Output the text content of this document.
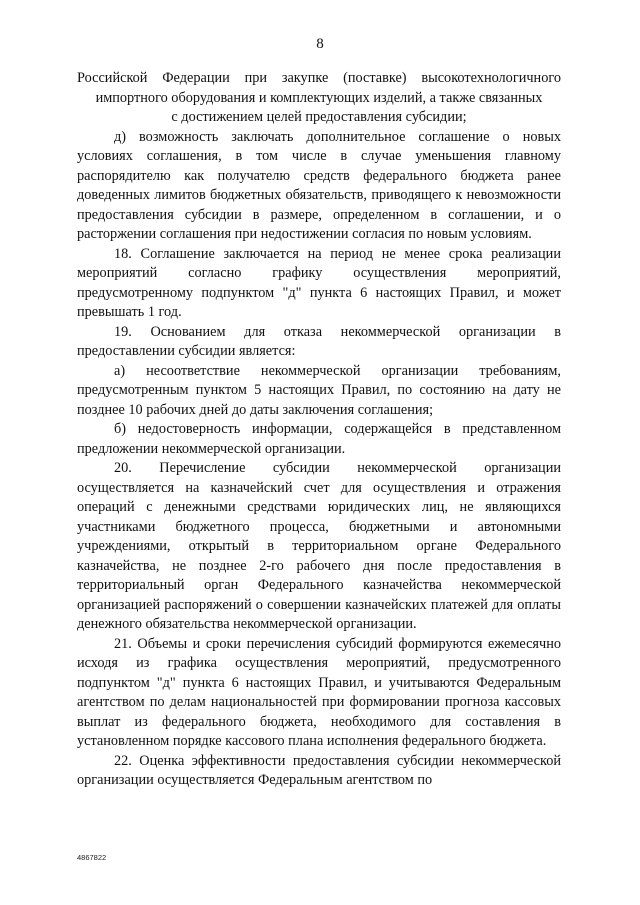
8

Российской Федерации при закупке (поставке) высокотехнологичного

импортного оборудования и комплектующих изделий, а также связанных

с достижением целей предоставления субсидии;

д) возможность заключать дополнительное соглашение о новых условиях соглашения, в том числе в случае уменьшения главному распорядителю как получателю средств федерального бюджета ранее доведенных лимитов бюджетных обязательств, приводящего к невозможности предоставления субсидии в размере, определенном в соглашении, и о расторжении соглашения при недостижении согласия по новым условиям.

18. Соглашение заключается на период не менее срока реализации мероприятий согласно графику осуществления мероприятий, предусмотренному подпунктом "д" пункта 6 настоящих Правил, и может превышать 1 год.

19. Основанием для отказа некоммерческой организации в предоставлении субсидии является:

а) несоответствие некоммерческой организации требованиям, предусмотренным пунктом 5 настоящих Правил, по состоянию на дату не позднее 10 рабочих дней до даты заключения соглашения;

б) недостоверность информации, содержащейся в представленном предложении некоммерческой организации.

20. Перечисление субсидии некоммерческой организации осуществляется на казначейский счет для осуществления и отражения операций с денежными средствами юридических лиц, не являющихся участниками бюджетного процесса, бюджетными и автономными учреждениями, открытый в территориальном органе Федерального казначейства, не позднее 2-го рабочего дня после предоставления в территориальный орган Федерального казначейства некоммерческой организацией распоряжений о совершении казначейских платежей для оплаты денежного обязательства некоммерческой организации.

21. Объемы и сроки перечисления субсидий формируются ежемесячно исходя из графика осуществления мероприятий, предусмотренного подпунктом "д" пункта 6 настоящих Правил, и учитываются Федеральным агентством по делам национальностей при формировании прогноза кассовых выплат из федерального бюджета, необходимого для составления в установленном порядке кассового плана исполнения федерального бюджета.

22. Оценка эффективности предоставления субсидии некоммерческой организации осуществляется Федеральным агентством по

4867822
